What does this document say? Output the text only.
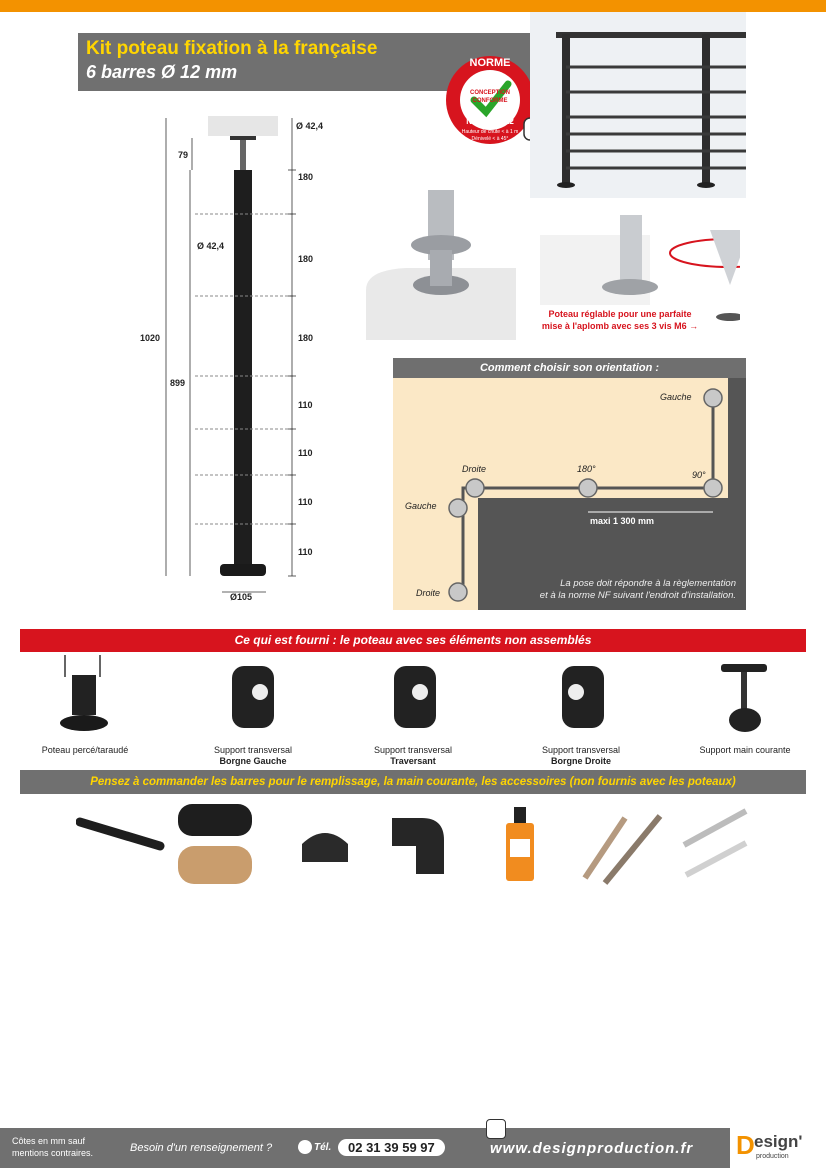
Kit poteau fixation à la française
6 barres Ø 12 mm	NORME
CONCEPTION
CONFORME
NF P01 - 012
Hauteur de chute < à 1 m
Dénivelé < à 45°
Ø 42,4
79
Ø 42,4
1020
899
180
180
180
110
110
110
110
Ø105
Poteau réglable pour une parfaite
mise à l'aplomb avec ses 3 vis M6 →
Comment choisir son orientation :
Gauche
Droite	180°
90°
Gauche
Droite
maxi 1 300 mm
La pose doit répondre à la règlementation
et à la norme NF suivant l'endroit d'installation.
Ce qui est fourni : le poteau avec ses éléments non assemblés
Poteau percé/taraudé	Support transversal
Borgne Gauche
Support transversal
Traversant
Support transversal
Borgne Droite
Support main courante
Pensez à commander les barres pour le remplissage, la main courante, les accessoires (non fournis avec les poteaux)
Côtes en mm sauf
mentions contraires.	Besoin d'un renseignement ?	Tél.	02 31 39 59 97	www.designproduction.fr D esign'
production
